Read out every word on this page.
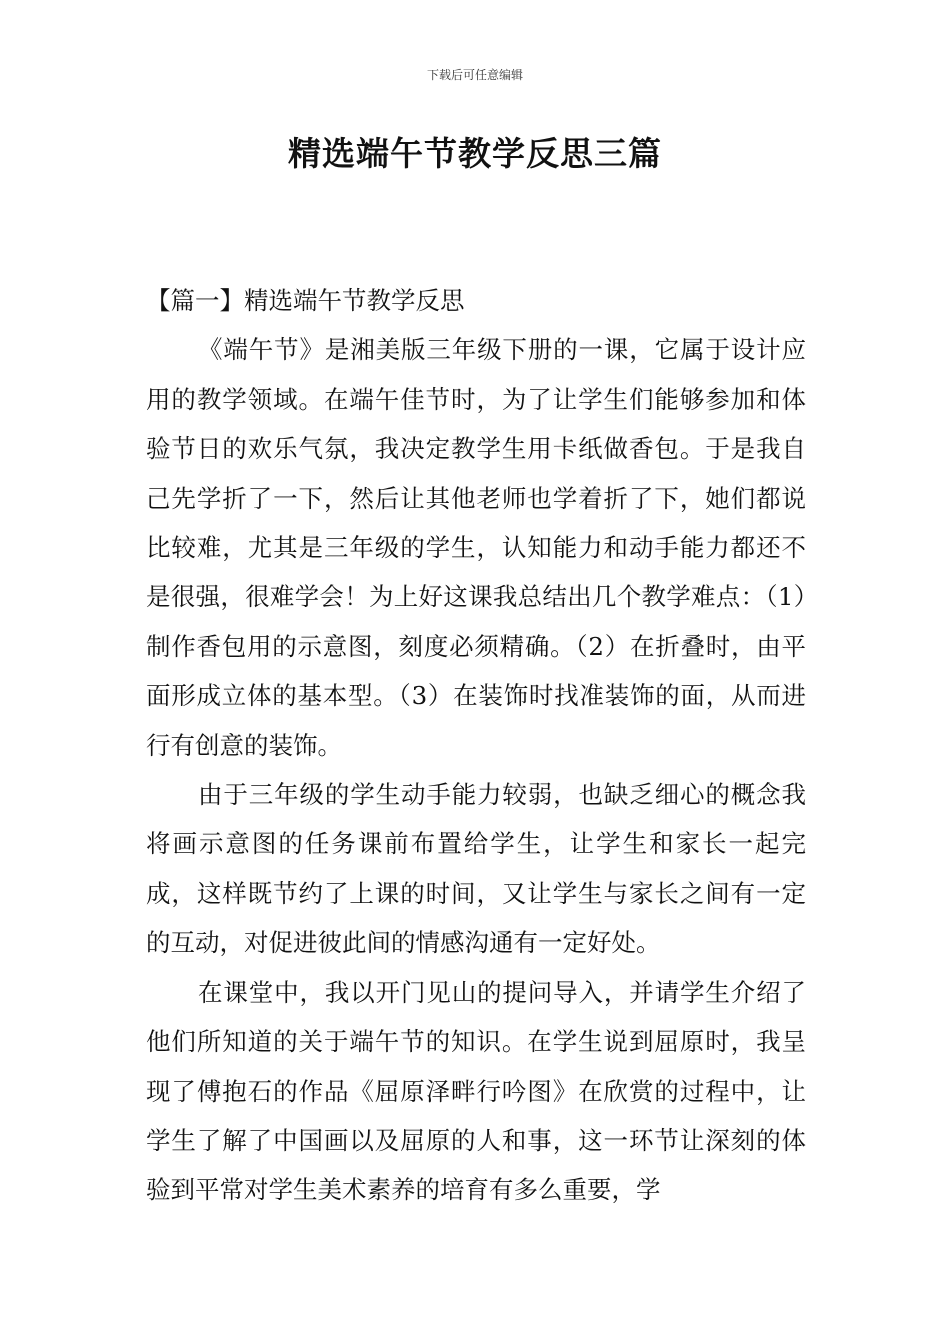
下载后可任意编辑
精选端午节教学反思三篇

【篇一】精选端午节教学反思

《端午节》是湘美版三年级下册的一课，它属于设计应用的教学领域。在端午佳节时，为了让学生们能够参加和体验节日的欢乐气氛，我决定教学生用卡纸做香包。于是我自己先学折了一下，然后让其他老师也学着折了下，她们都说比较难，尤其是三年级的学生，认知能力和动手能力都还不是很强，很难学会！为上好这课我总结出几个教学难点：（1）制作香包用的示意图，刻度必须精确。（2）在折叠时，由平面形成立体的基本型。（3）在装饰时找准装饰的面，从而进行有创意的装饰。

由于三年级的学生动手能力较弱，也缺乏细心的概念我将画示意图的任务课前布置给学生，让学生和家长一起完成，这样既节约了上课的时间，又让学生与家长之间有一定的互动，对促进彼此间的情感沟通有一定好处。

在课堂中，我以开门见山的提问导入，并请学生介绍了他们所知道的关于端午节的知识。在学生说到屈原时，我呈现了傅抱石的作品《屈原泽畔行吟图》在欣赏的过程中，让学生了解了中国画以及屈原的人和事，这一环节让深刻的体验到平常对学生美术素养的培育有多么重要，学
